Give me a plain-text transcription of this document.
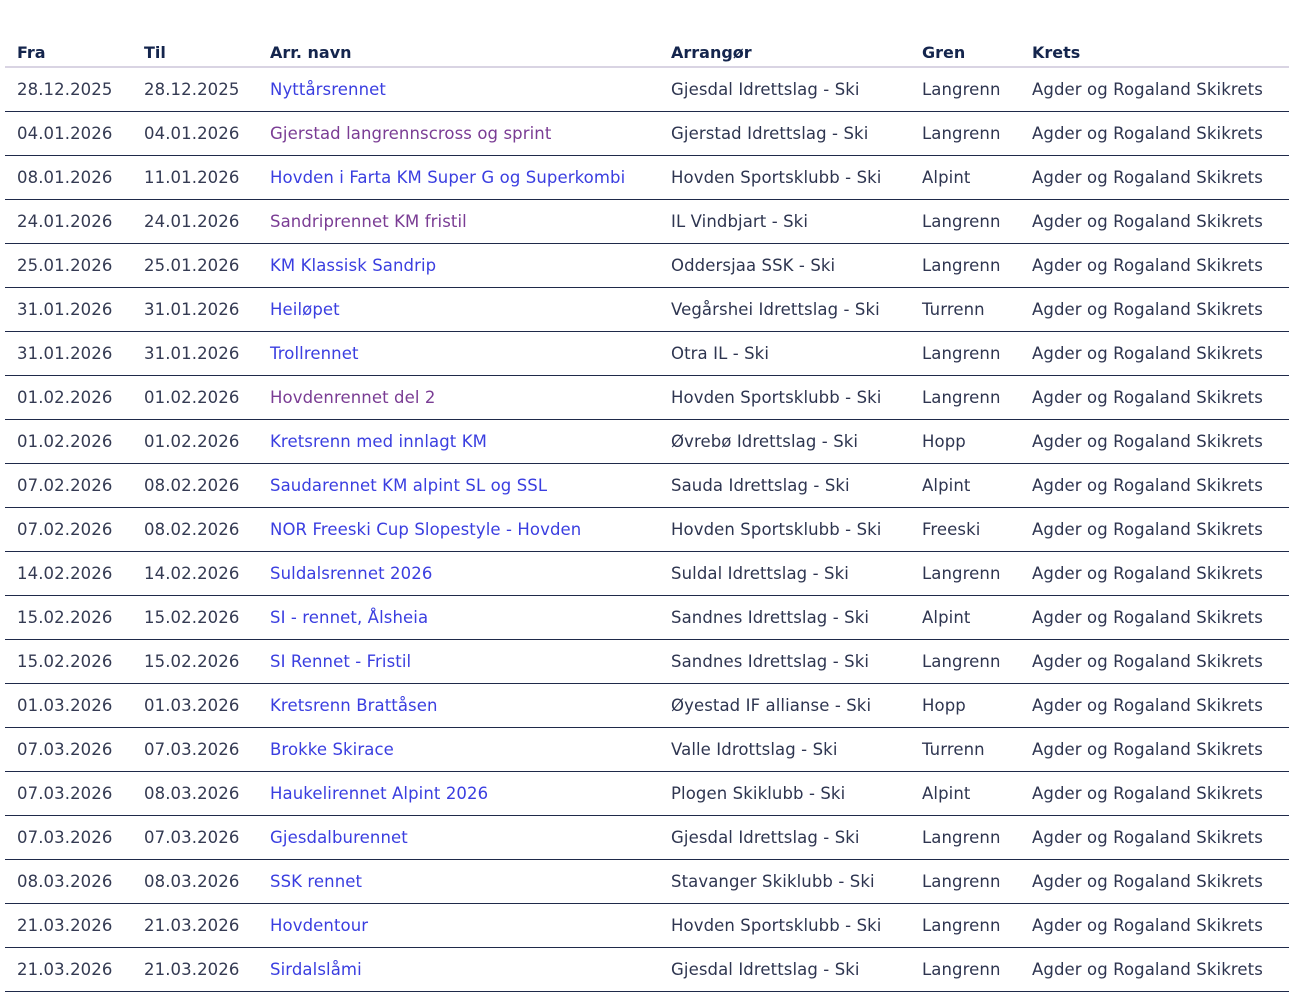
Fra	Til	Arr. navn	Arrangør	Gren	Krets
28.12.2025	28.12.2025	Nyttårsrennet	Gjesdal Idrettslag - Ski	Langrenn	Agder og Rogaland Skikrets
04.01.2026	04.01.2026	Gjerstad langrennscross og sprint	Gjerstad Idrettslag - Ski	Langrenn	Agder og Rogaland Skikrets
08.01.2026	11.01.2026	Hovden i Farta KM Super G og Superkombi	Hovden Sportsklubb - Ski	Alpint	Agder og Rogaland Skikrets
24.01.2026	24.01.2026	Sandriprennet KM fristil	IL Vindbjart - Ski	Langrenn	Agder og Rogaland Skikrets
25.01.2026	25.01.2026	KM Klassisk Sandrip	Oddersjaa SSK - Ski	Langrenn	Agder og Rogaland Skikrets
31.01.2026	31.01.2026	Heiløpet	Vegårshei Idrettslag - Ski	Turrenn	Agder og Rogaland Skikrets
31.01.2026	31.01.2026	Trollrennet	Otra IL - Ski	Langrenn	Agder og Rogaland Skikrets
01.02.2026	01.02.2026	Hovdenrennet del 2	Hovden Sportsklubb - Ski	Langrenn	Agder og Rogaland Skikrets
01.02.2026	01.02.2026	Kretsrenn med innlagt KM	Øvrebø Idrettslag - Ski	Hopp	Agder og Rogaland Skikrets
07.02.2026	08.02.2026	Saudarennet KM alpint SL og SSL	Sauda Idrettslag - Ski	Alpint	Agder og Rogaland Skikrets
07.02.2026	08.02.2026	NOR Freeski Cup Slopestyle - Hovden	Hovden Sportsklubb - Ski	Freeski	Agder og Rogaland Skikrets
14.02.2026	14.02.2026	Suldalsrennet 2026	Suldal Idrettslag - Ski	Langrenn	Agder og Rogaland Skikrets
15.02.2026	15.02.2026	SI - rennet, Ålsheia	Sandnes Idrettslag - Ski	Alpint	Agder og Rogaland Skikrets
15.02.2026	15.02.2026	SI Rennet - Fristil	Sandnes Idrettslag - Ski	Langrenn	Agder og Rogaland Skikrets
01.03.2026	01.03.2026	Kretsrenn Brattåsen	Øyestad IF allianse - Ski	Hopp	Agder og Rogaland Skikrets
07.03.2026	07.03.2026	Brokke Skirace	Valle Idrottslag - Ski	Turrenn	Agder og Rogaland Skikrets
07.03.2026	08.03.2026	Haukelirennet Alpint 2026	Plogen Skiklubb - Ski	Alpint	Agder og Rogaland Skikrets
07.03.2026	07.03.2026	Gjesdalburennet	Gjesdal Idrettslag - Ski	Langrenn	Agder og Rogaland Skikrets
08.03.2026	08.03.2026	SSK rennet	Stavanger Skiklubb - Ski	Langrenn	Agder og Rogaland Skikrets
21.03.2026	21.03.2026	Hovdentour	Hovden Sportsklubb - Ski	Langrenn	Agder og Rogaland Skikrets
21.03.2026	21.03.2026	Sirdalslåmi	Gjesdal Idrettslag - Ski	Langrenn	Agder og Rogaland Skikrets
